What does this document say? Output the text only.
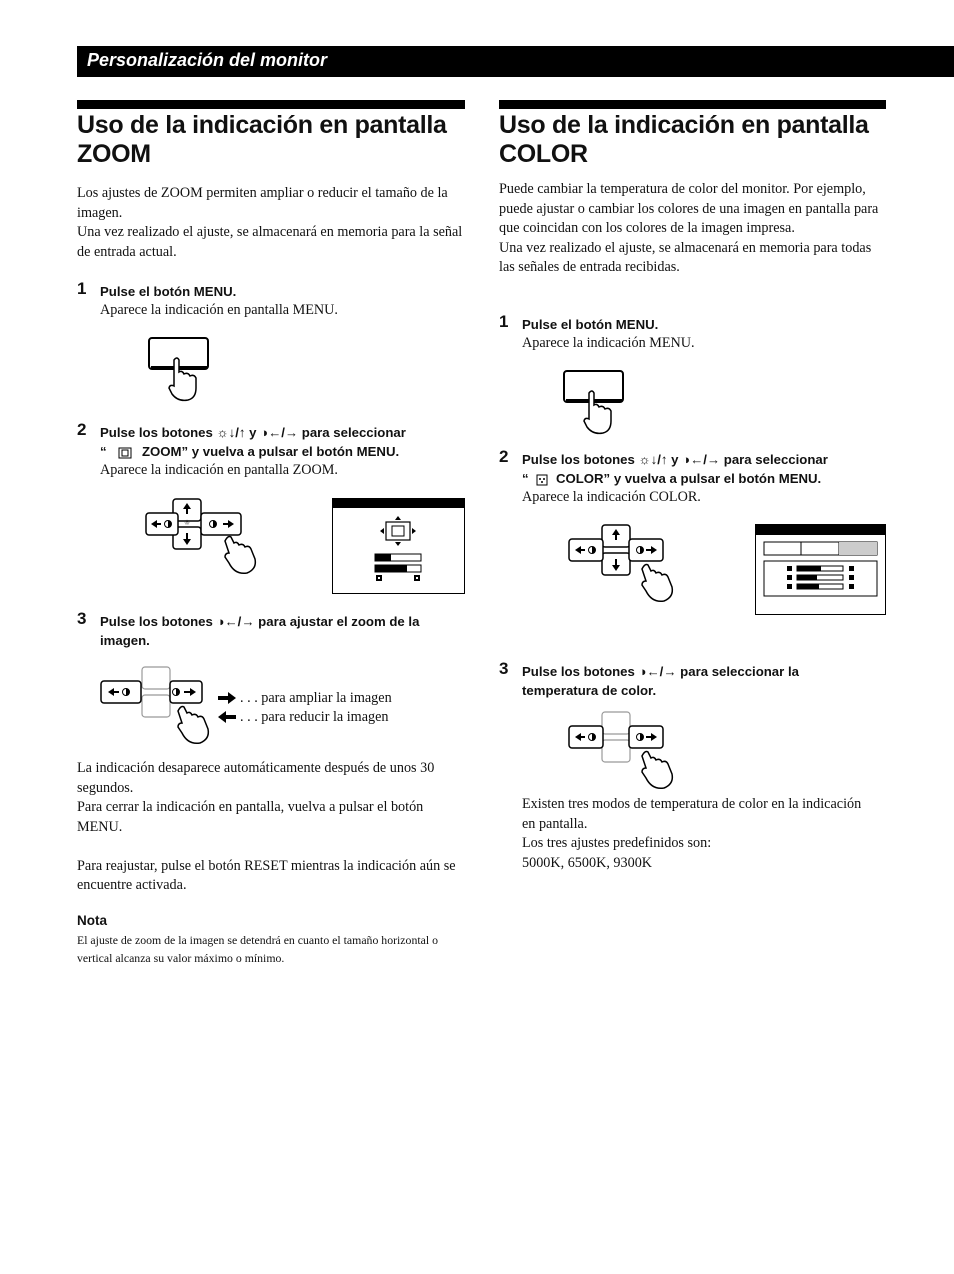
Personalización del monitor
Uso de la indicación en pantalla
ZOOM

Los ajustes de ZOOM permiten ampliar o reducir el tamaño de la imagen.

Una vez realizado el ajuste, se almacenará en memoria para la señal de entrada actual.

1 Pulse el botón MENU.
Aparece la indicación en pantalla MENU.
2 Pulse los botones ☼↓/↑ y ◑←/→ para seleccionar
“	ZOOM” y vuelva a pulsar el botón MENU.
Aparece la indicación en pantalla ZOOM.
☼
3 Pulse los botones ◑←/→ para ajustar el zoom de la imagen.
. . . para ampliar la imagen
. . . para reducir la imagen

La indicación desaparece automáticamente después de unos 30 segundos.

Para cerrar la indicación en pantalla, vuelva a pulsar el botón MENU.

Para reajustar, pulse el botón RESET mientras la indicación aún se encuentre activada.

Nota
El ajuste de zoom de la imagen se detendrá en cuanto el tamaño horizontal o vertical alcanza su valor máximo o mínimo.
Uso de la indicación en pantalla
COLOR

Puede cambiar la temperatura de color del monitor. Por ejemplo, puede ajustar o cambiar los colores de una imagen en pantalla para que coincidan con los colores de la imagen impresa.

Una vez realizado el ajuste, se almacenará en memoria para todas las señales de entrada recibidas.

1 Pulse el botón MENU.
Aparece la indicación MENU.
2 Pulse los botones ☼↓/↑ y ◑←/→ para seleccionar
“ COLOR” y vuelva a pulsar el botón MENU.
Aparece la indicación COLOR.
3 Pulse los botones ◑←/→ para seleccionar la temperatura de color.

Existen tres modos de temperatura de color en la indicación en pantalla.

Los tres ajustes predefinidos son:

5000K, 6500K, 9300K
